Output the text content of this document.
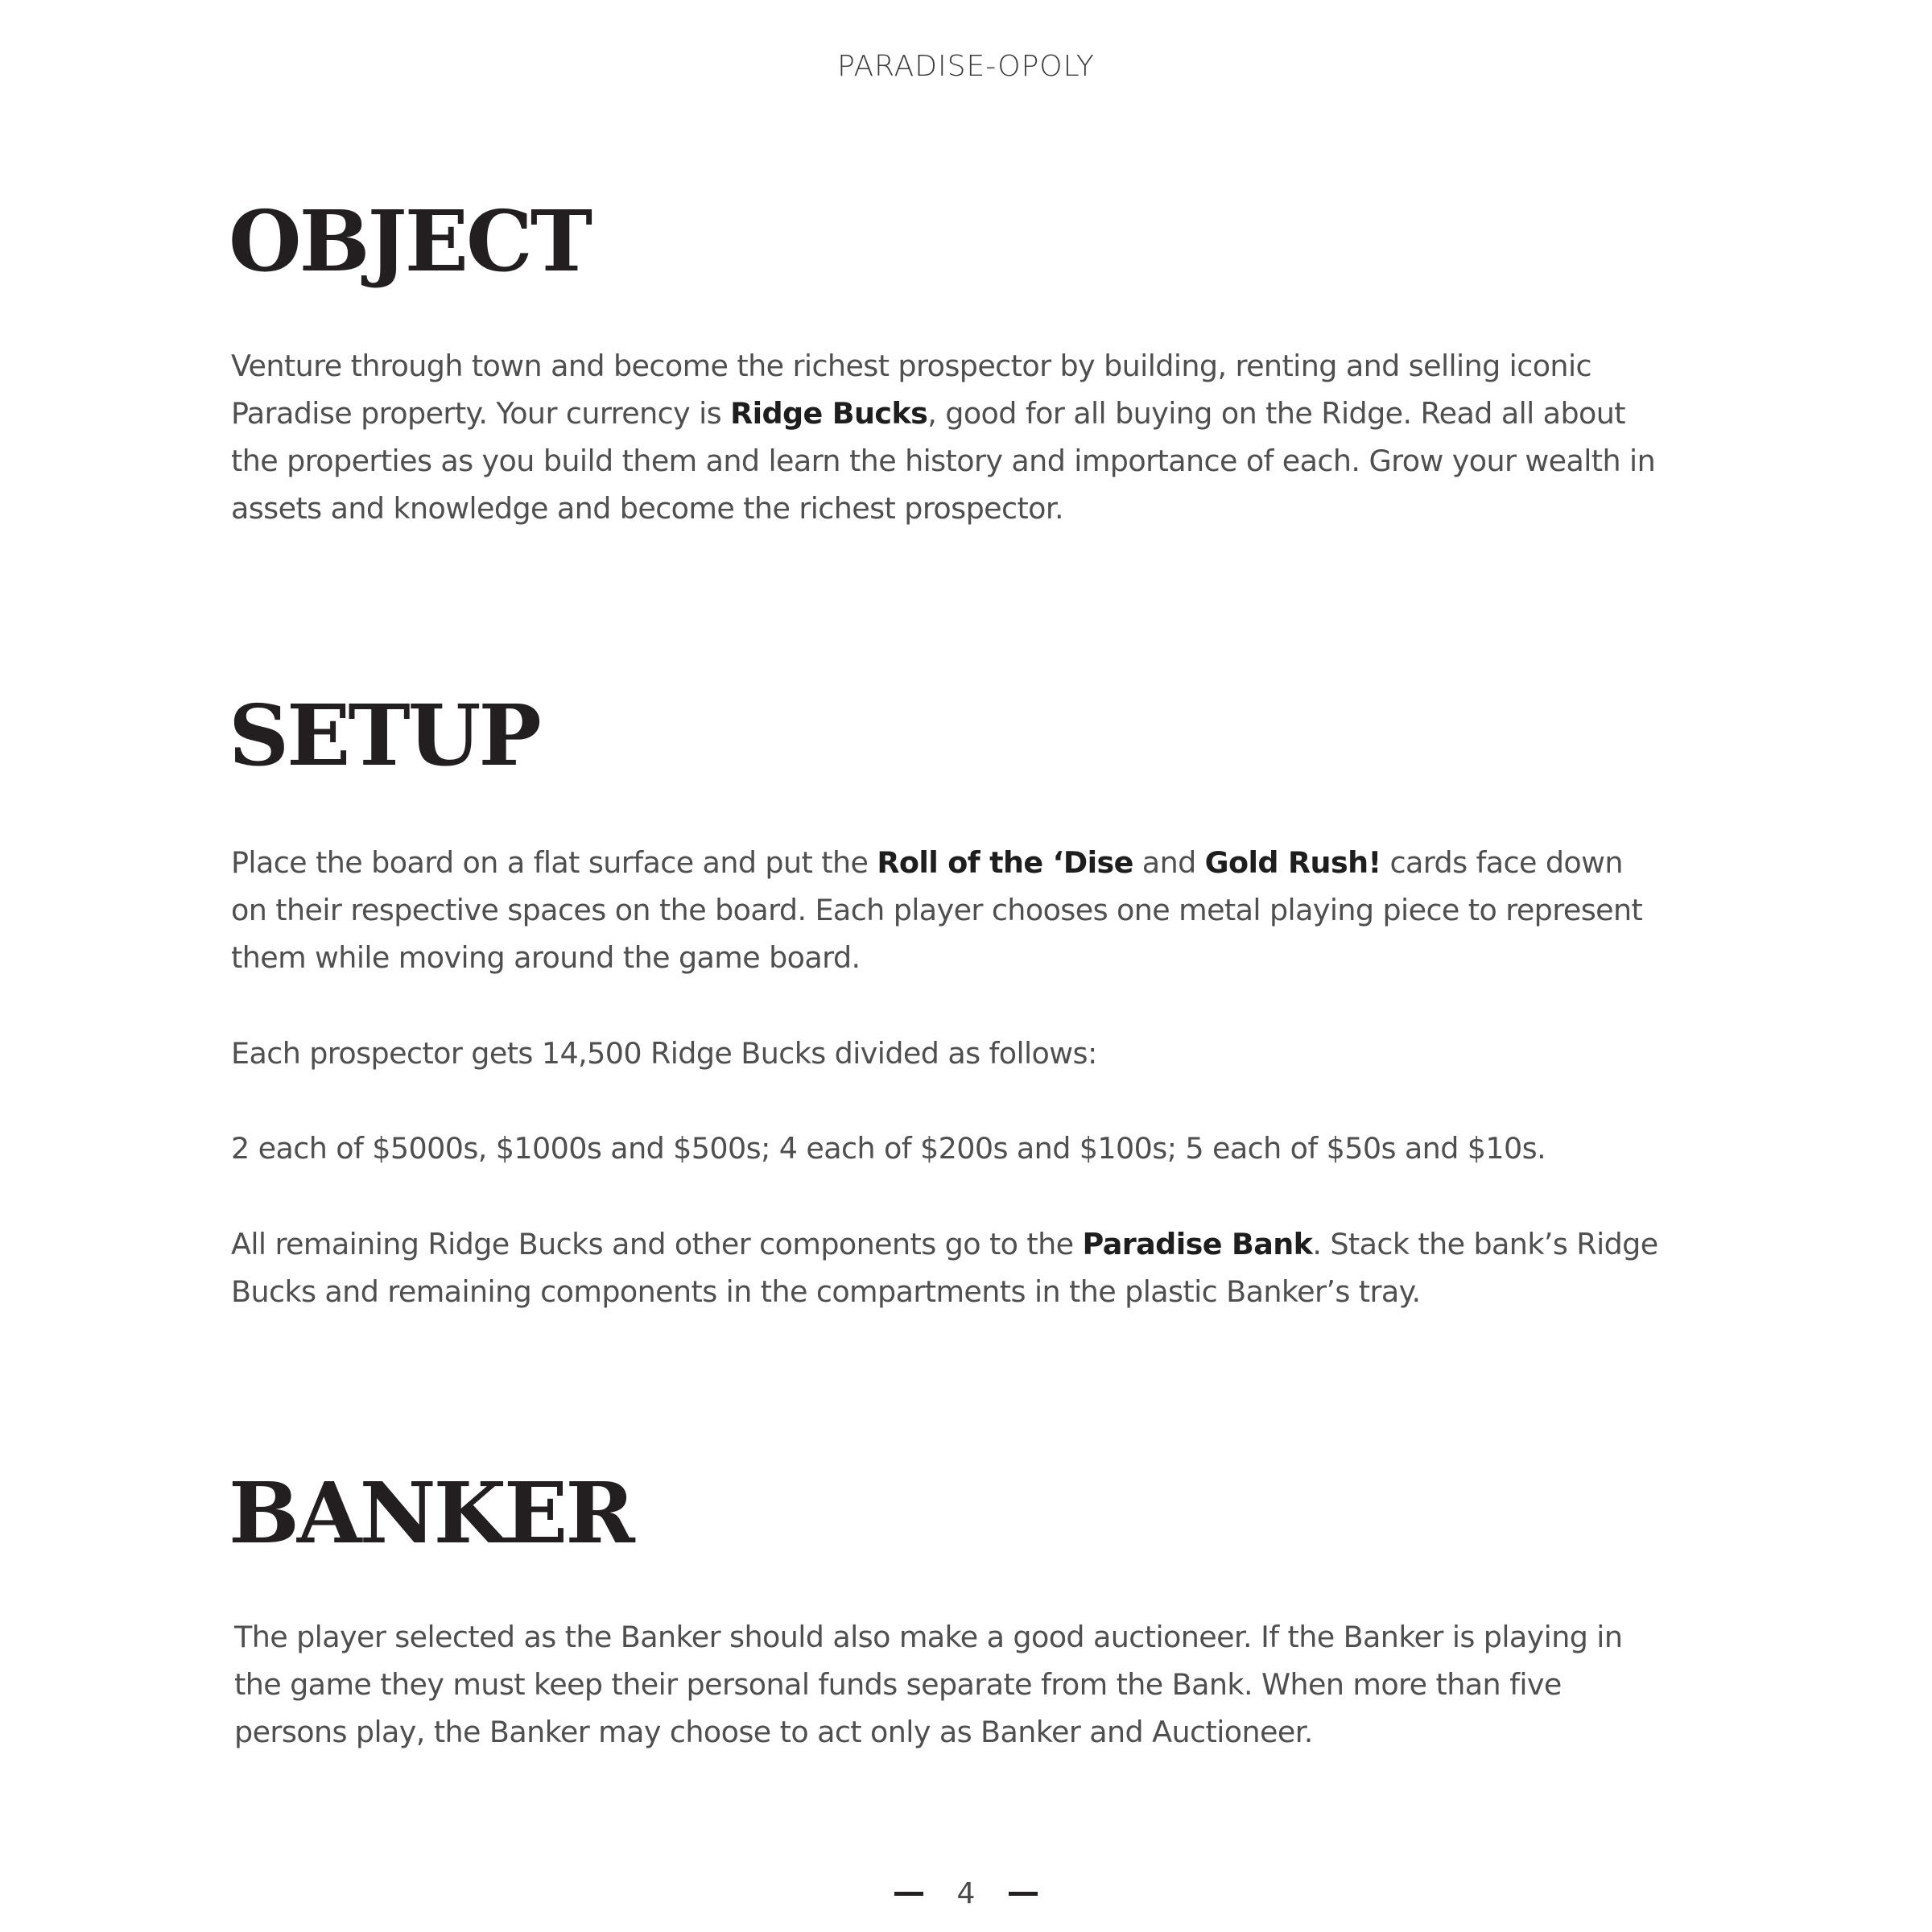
PARADISE-OPOLY
OBJECT

Venture through town and become the richest prospector by building, renting and selling iconic Paradise property. Your currency is Ridge Bucks, good for all buying on the Ridge. Read all about the properties as you build them and learn the history and importance of each. Grow your wealth in assets and knowledge and become the richest prospector.

SETUP

Place the board on a flat surface and put the Roll of the ‘Dise and Gold Rush! cards face down on their respective spaces on the board. Each player chooses one metal playing piece to represent them while moving around the game board.

Each prospector gets 14,500 Ridge Bucks divided as follows:

2 each of $5000s, $1000s and $500s; 4 each of $200s and $100s; 5 each of $50s and $10s.

All remaining Ridge Bucks and other components go to the Paradise Bank. Stack the bank’s Ridge Bucks and remaining components in the compartments in the plastic Banker’s tray.

BANKER

The player selected as the Banker should also make a good auctioneer. If the Banker is playing in the game they must keep their personal funds separate from the Bank. When more than five persons play, the Banker may choose to act only as Banker and Auctioneer.

4
